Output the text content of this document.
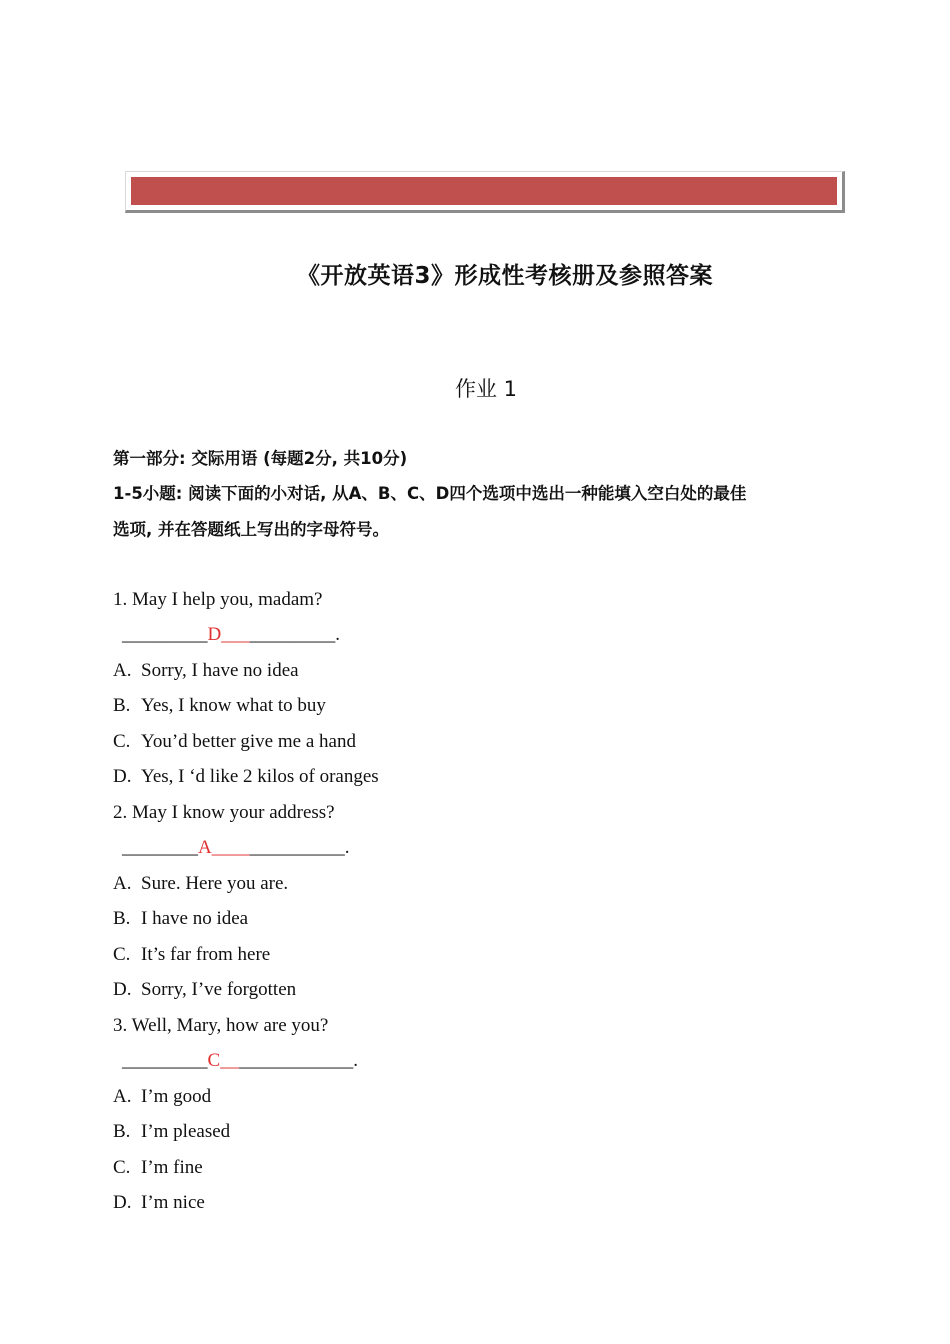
《开放英语3》形成性考核册及参照答案
作业 1
第一部分: 交际用语 (每题2分, 共10分)
1-5小题: 阅读下面的小对话, 从A、B、C、D四个选项中选出一种能填入空白处的最佳
选项, 并在答题纸上写出的字母符号。
1. May I help you, madam?
_________D____________.
A. Sorry, I have no idea
B. Yes, I know what to buy
C. You’d better give me a hand
D. Yes, I ‘d like 2 kilos of oranges
2. May I know your address?
________A______________.
A. Sure. Here you are.
B. I have no idea
C. It’s far from here
D. Sorry, I’ve forgotten
3. Well, Mary, how are you?
_________C______________.
A. I’m good
B. I’m pleased
C. I’m fine
D. I’m nice
